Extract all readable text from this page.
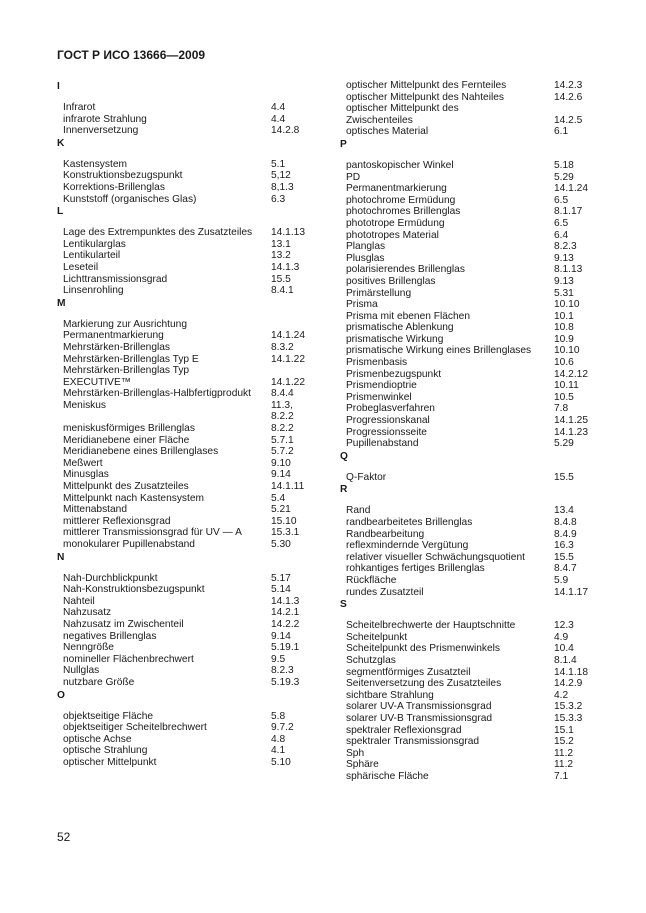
ГОСТ Р ИСО 13666—2009
I
Infrarot	4.4
infrarote Strahlung	4.4
Innenversetzung	14.2.8
K
Kastensystem	5.1
Konstruktionsbezugspunkt	5,12
Korrektions-Brillenglas	8,1.3
Kunststoff (organisches Glas)	6.3
L
Lage des Extrempunktes des Zusatzteiles	14.1.13
Lentikularglas	13.1
Lentikularteil	13.2
Leseteil	14.1.3
Lichttransmissionsgrad	15.5
Linsenrohling	8.4.1
M
Markierung zur Ausrichtung
Permanentmarkierung	14.1.24
Mehrstärken-Brillenglas	8.3.2
Mehrstärken-Brillenglas Typ E	14.1.22
Mehrstärken-Brillenglas Typ
EXECUTIVE™	14.1.22
Mehrstärken-Brillenglas-Halbfertigprodukt	8.4.4
Meniskus	11.3,

8.2.2
meniskusförmiges Brillenglas	8.2.2
Meridianebene einer Fläche	5.7.1
Meridianebene eines Brillenglases	5.7.2
Meßwert	9.10
Minusglas	9.14
Mittelpunkt des Zusatzteiles	14.1.11
Mittelpunkt nach Kastensystem	5.4
Mittenabstand	5.21
mittlerer Reflexionsgrad	15.10
mittlerer Transmissionsgrad für UV — A	15.3.1
monokularer Pupillenabstand	5.30
N
Nah-Durchblickpunkt	5.17
Nah-Konstruktionsbezugspunkt	5.14
Nahteil	14.1.3
Nahzusatz	14.2.1
Nahzusatz im Zwischenteil	14.2.2
negatives Brillenglas	9.14
Nenngröße	5.19.1
nomineller Flächenbrechwert	9.5
Nullglas	8.2.3
nutzbare Größe	5.19.3
O
objektseitige Fläche	5.8
objektseitiger Scheitelbrechwert	9.7.2
optische Achse	4.8
optische Strahlung	4.1
optischer Mittelpunkt	5.10
optischer Mittelpunkt des Fernteiles	14.2.3
optischer Mittelpunkt des Nahteiles	14.2.6
optischer Mittelpunkt des
Zwischenteiles	14.2.5
optisches Material	6.1
P
pantoskopischer Winkel	5.18
PD	5.29
Permanentmarkierung	14.1.24
photochrome Ermüdung	6.5
photochromes Brillenglas	8.1.17
phototrope Ermüdung	6.5
phototropes Material	6.4
Planglas	8.2.3
Plusglas	9.13
polarisierendes Brillenglas	8.1.13
positives Brillenglas	9.13
Primärstellung	5.31
Prisma	10.10
Prisma mit ebenen Flächen	10.1
prismatische Ablenkung	10.8
prismatische Wirkung	10.9
prismatische Wirkung eines Brillenglases	10.10
Prismenbasis	10.6
Prismenbezugspunkt	14.2.12
Prismendioptrie	10.11
Prismenwinkel	10.5
Probeglasverfahren	7.8
Progressionskanal	14.1.25
Progressionsseite	14.1.23
Pupillenabstand	5.29
Q
Q-Faktor	15.5
R
Rand	13.4
randbearbeitetes Brillenglas	8.4.8
Randbearbeitung	8.4.9
reflexmindernde Vergütung	16.3
relativer visueller Schwächungsquotient	15.5
rohkantiges fertiges Brillenglas	8.4.7
Rückfläche	5.9
rundes Zusatzteil	14.1.17
S
Scheitelbrechwerte der Hauptschnitte	12.3
Scheitelpunkt	4.9
Scheitelpunkt des Prismenwinkels	10.4
Schutzglas	8.1.4
segmentförmiges Zusatzteil	14.1.18
Seitenversetzung des Zusatzteiles	14.2.9
sichtbare Strahlung	4.2
solarer UV-A Transmissionsgrad	15.3.2
solarer UV-B Transmissionsgrad	15.3.3
spektraler Reflexionsgrad	15.1
spektraler Transmissionsgrad	15.2
Sph	11.2
Sphäre	11.2
sphärische Fläche	7.1
52
